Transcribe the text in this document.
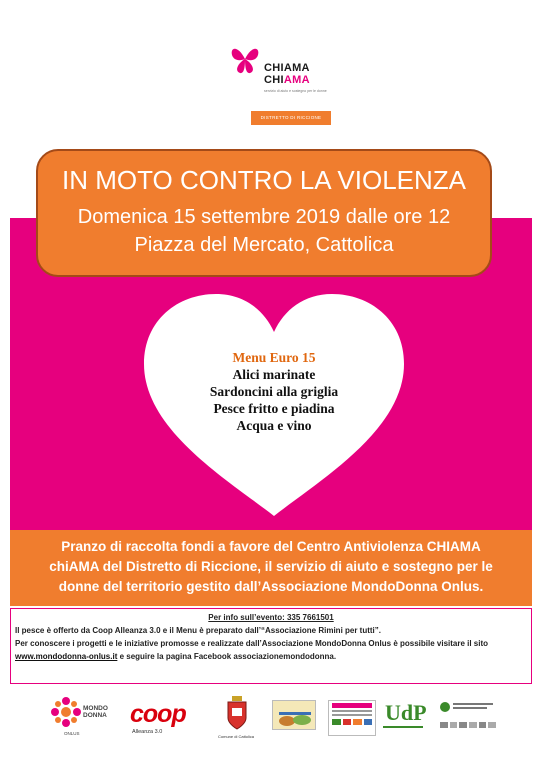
CHIAMA
CHIAMA
servizio di aiuto e sostegno per le donne
DISTRETTO DI RICCIONE
Menu Euro 15
Alici marinate
Sardoncini alla griglia
Pesce fritto e piadina
Acqua e vino
IN MOTO CONTRO LA VIOLENZA
Domenica 15 settembre 2019 dalle ore 12
Piazza del Mercato, Cattolica
Pranzo di raccolta fondi a favore del Centro Antiviolenza CHIAMA
chiAMA del Distretto di Riccione, il servizio di aiuto e sostegno per le
donne del territorio gestito dall’Associazione MondoDonna Onlus.
Per info sull’evento: 335 7661501
Il pesce è offerto da Coop Alleanza 3.0 e il Menu è preparato dall’“Associazione Rimini per tutti”.
Per conoscere i progetti e le iniziative promosse e realizzate dall’Associazione MondoDonna Onlus è possibile visitare il sito
www.mondodonna-onlus.it e seguire la pagina Facebook associazionemondodonna.
MONDO
DONNA
ONLUS
coop
Alleanza 3.0
Comune di Cattolica
UdP
